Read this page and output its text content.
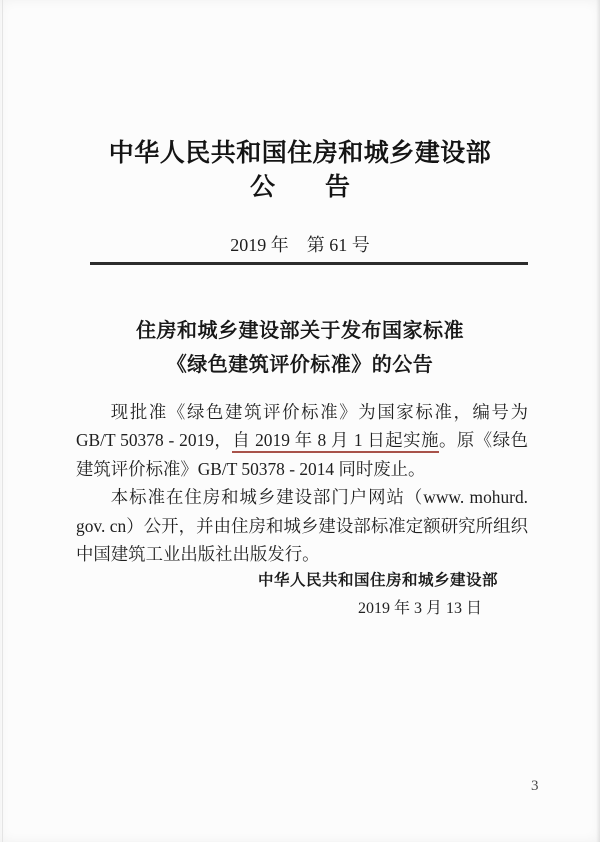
中华人民共和国住房和城乡建设部
公　　告
2019 年　第 61 号
住房和城乡建设部关于发布国家标准
《绿色建筑评价标准》的公告

现批准《绿色建筑评价标准》为国家标准，编号为 GB/T 50378 - 2019，自 2019 年 8 月 1 日起实施。原《绿色建筑评价标准》GB/T 50378 - 2014 同时废止。

本标准在住房和城乡建设部门户网站（www. mohurd. gov. cn）公开，并由住房和城乡建设部标准定额研究所组织中国建筑工业出版社出版发行。

中华人民共和国住房和城乡建设部
2019 年 3 月 13 日
3
